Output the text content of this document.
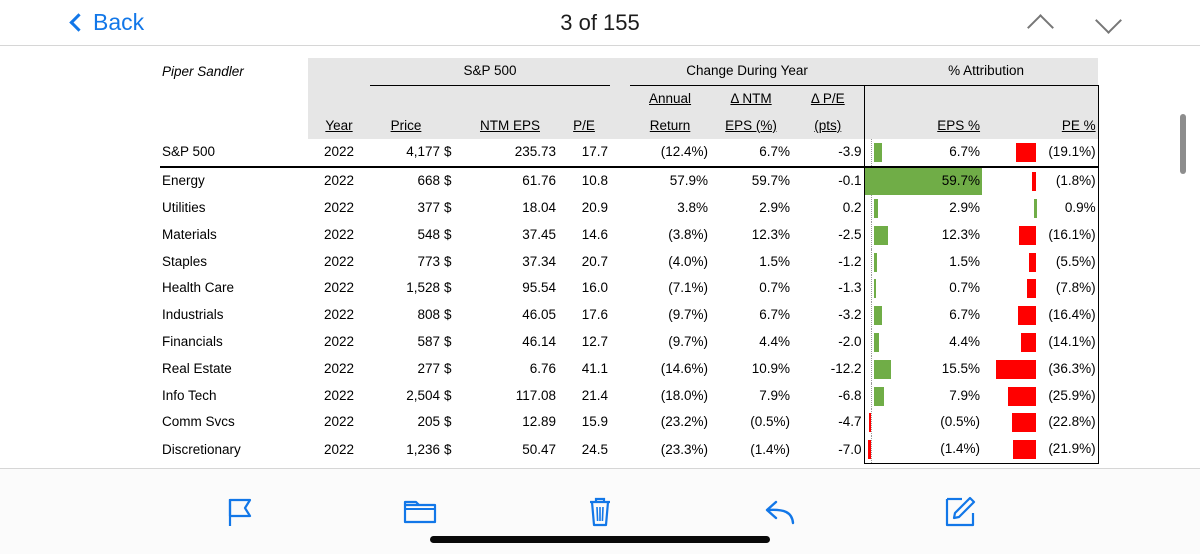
Back	3 of 155
Piper Sandler		S&P 500					Change During Year				% Attribution			
							Annual	Δ NTM	Δ P/E					
	Year	Price		NTM EPS	P/E		Return	EPS (%)	(pts)			EPS %		PE %
S&P 500	2022	4,177	$	235.73	17.7		(12.4%)	6.7%	-3.9			6.7%		(19.1%)
Energy	2022	668	$	61.76	10.8		57.9%	59.7%	-0.1			59.7%		(1.8%)
Utilities	2022	377	$	18.04	20.9		3.8%	2.9%	0.2			2.9%		0.9%
Materials	2022	548	$	37.45	14.6		(3.8%)	12.3%	-2.5			12.3%		(16.1%)
Staples	2022	773	$	37.34	20.7		(4.0%)	1.5%	-1.2			1.5%		(5.5%)
Health Care	2022	1,528	$	95.54	16.0		(7.1%)	0.7%	-1.3			0.7%		(7.8%)
Industrials	2022	808	$	46.05	17.6		(9.7%)	6.7%	-3.2			6.7%		(16.4%)
Financials	2022	587	$	46.14	12.7		(9.7%)	4.4%	-2.0			4.4%		(14.1%)
Real Estate	2022	277	$	6.76	41.1		(14.6%)	10.9%	-12.2			15.5%		(36.3%)
Info Tech	2022	2,504	$	117.08	21.4		(18.0%)	7.9%	-6.8			7.9%		(25.9%)
Comm Svcs	2022	205	$	12.89	15.9		(23.2%)	(0.5%)	-4.7			(0.5%)		(22.8%)
Discretionary	2022	1,236	$	50.47	24.5		(23.3%)	(1.4%)	-7.0			(1.4%)		(21.9%)
